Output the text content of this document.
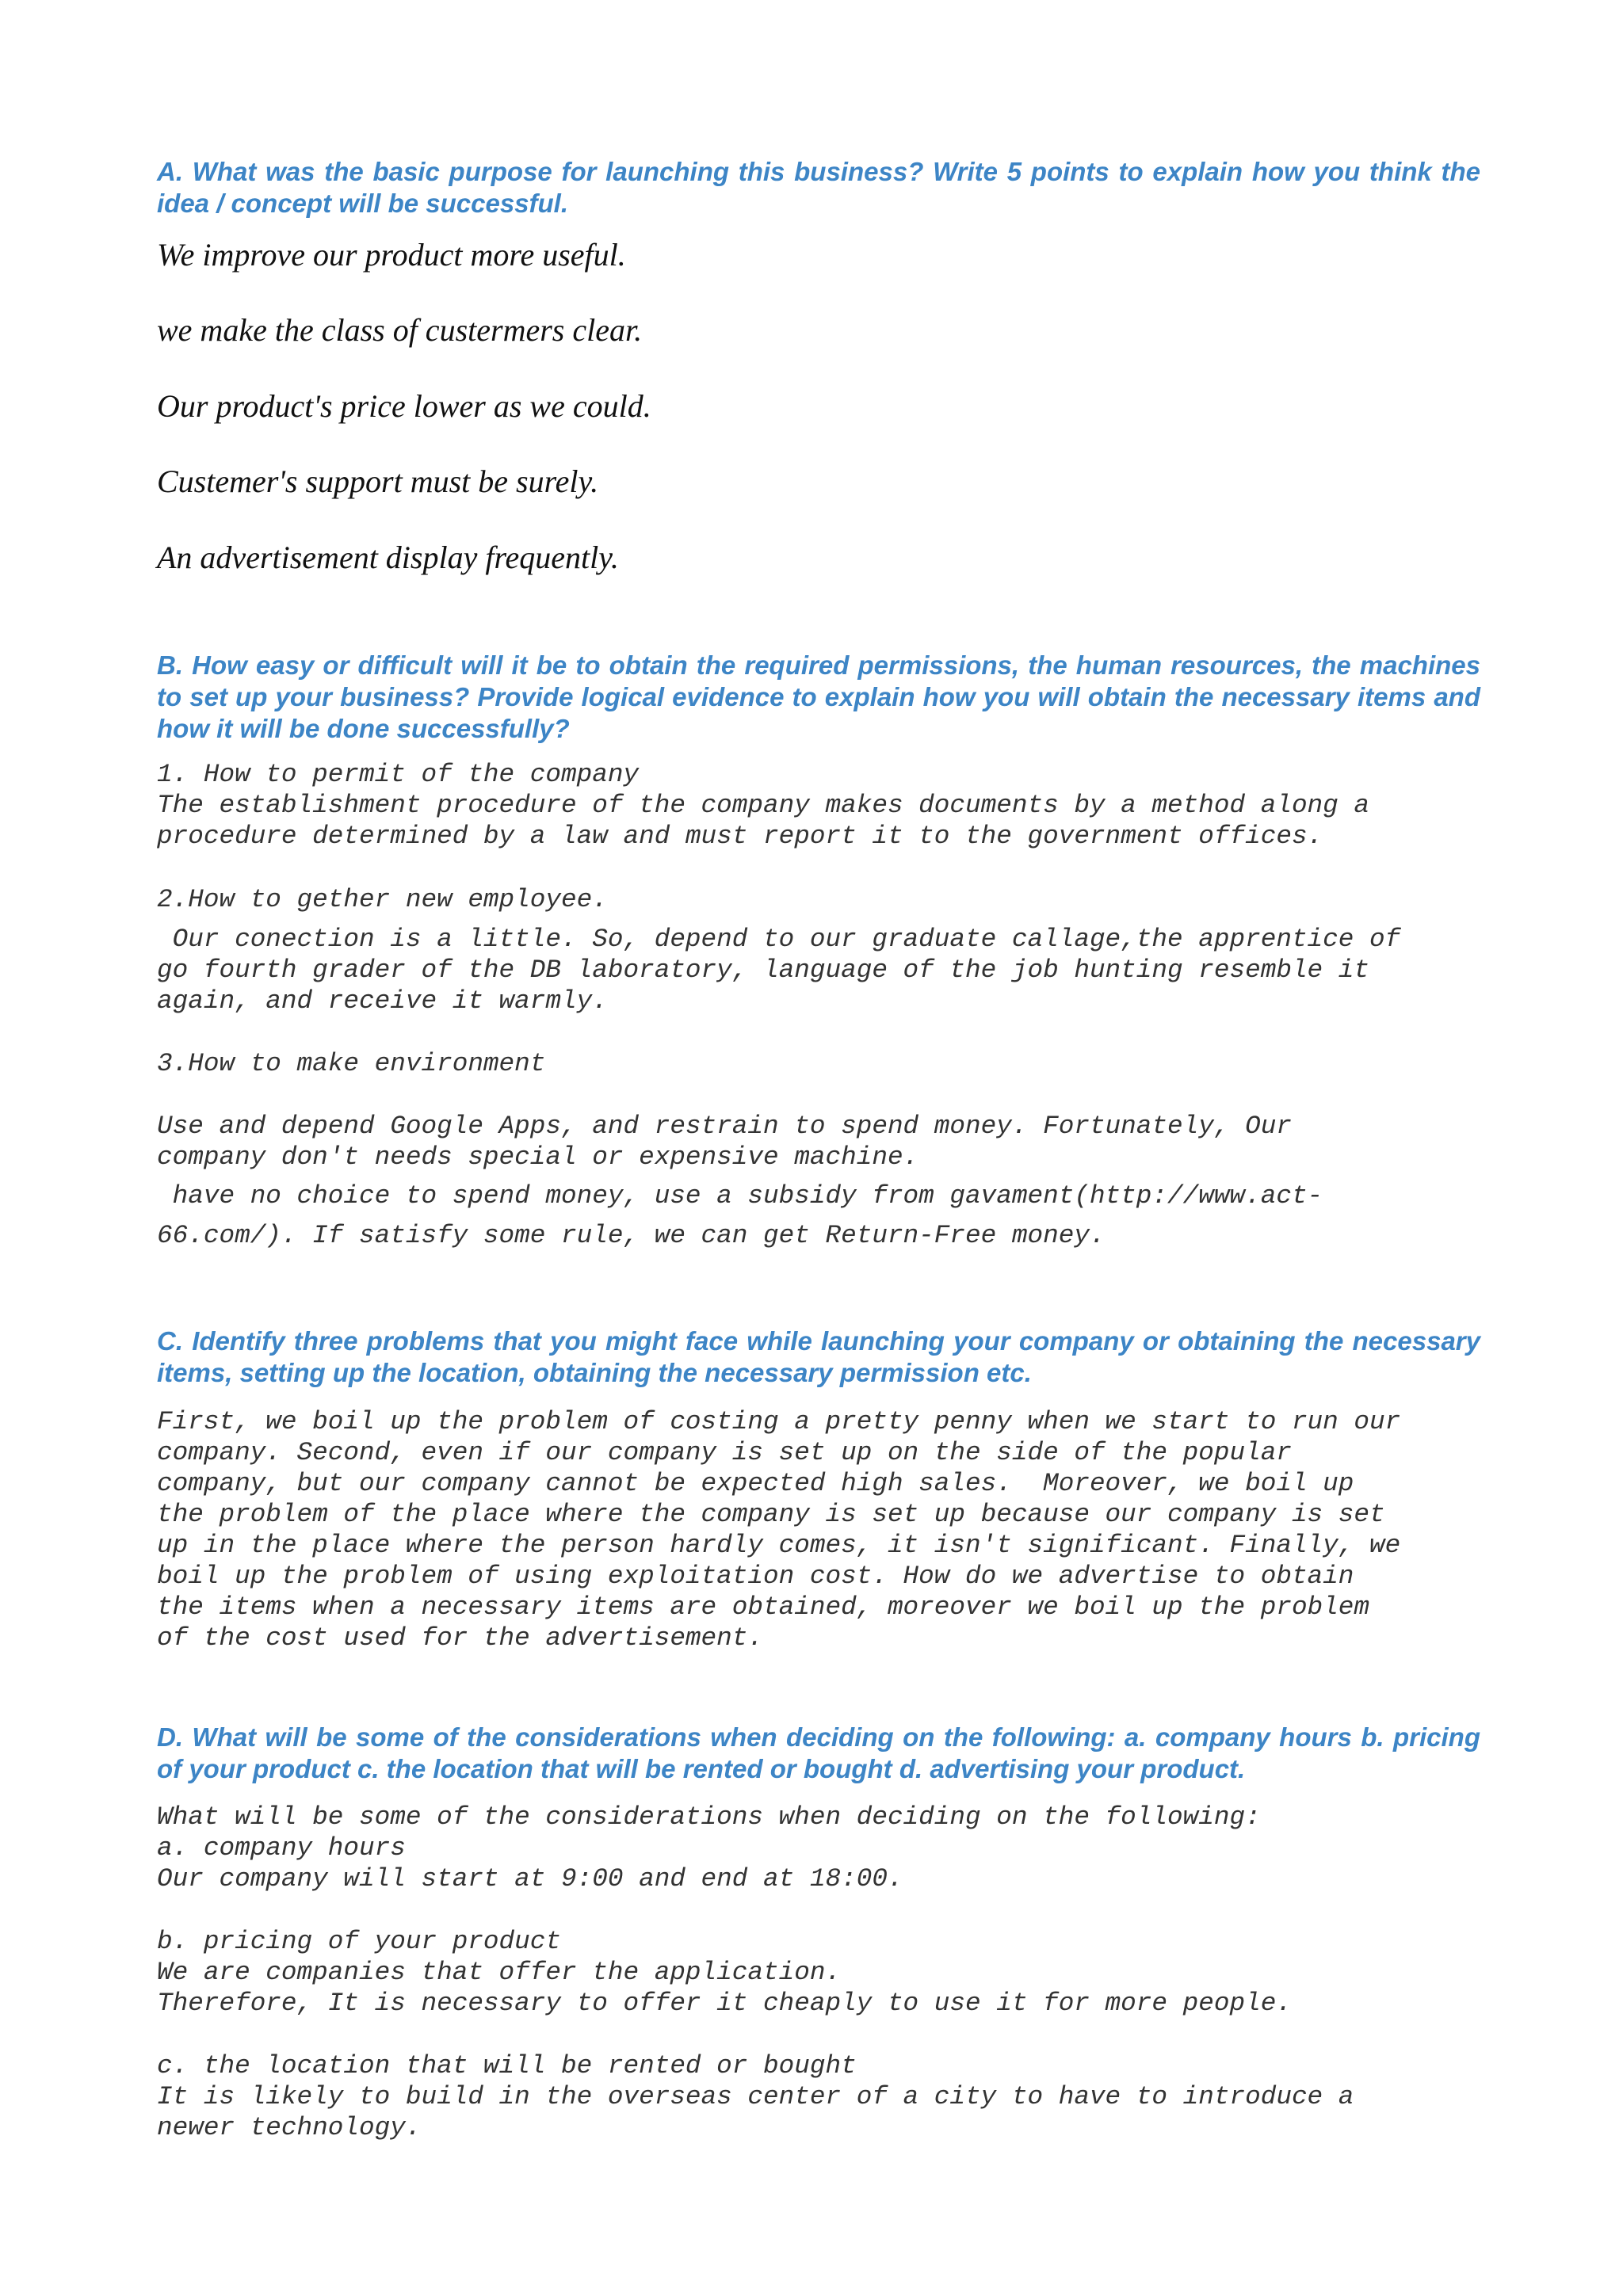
A. What was the basic purpose for launching this business? Write 5 points to explain how you think the idea / concept will be successful.
We improve our product more useful.
we make the class of custermers clear.
Our product's price lower as we could.
Custemer's support must be surely.
An advertisement display frequently.
B. How easy or difficult will it be to obtain the required permissions, the human resources, the machines to set up your business? Provide logical evidence to explain how you will obtain the necessary items and how it will be done successfully?
1. How to permit of the company
The establishment procedure of the company makes documents by a method along a
procedure determined by a law and must report it to the government offices.
2.How to gether new employee.
Our conection is a little. So, depend to our graduate callage,the apprentice of
go fourth grader of the DB laboratory, language of the job hunting resemble it
again, and receive it warmly.
3.How to make environment
Use and depend Google Apps, and restrain to spend money. Fortunately, Our
company don't needs special or expensive machine.
have no choice to spend money, use a subsidy from gavament(http://www.act-
66.com/). If satisfy some rule, we can get Return-Free money.
C. Identify three problems that you might face while launching your company or obtaining the necessary items, setting up the location, obtaining the necessary permission etc.
First, we boil up the problem of costing a pretty penny when we start to run our
company. Second, even if our company is set up on the side of the popular
company, but our company cannot be expected high sales.  Moreover, we boil up
the problem of the place where the company is set up because our company is set
up in the place where the person hardly comes, it isn't significant. Finally, we
boil up the problem of using exploitation cost. How do we advertise to obtain
the items when a necessary items are obtained, moreover we boil up the problem
of the cost used for the advertisement.
D. What will be some of the considerations when deciding on the following: a. company hours b. pricing of your product c. the location that will be rented or bought d. advertising your product.
What will be some of the considerations when deciding on the following:
a. company hours
Our company will start at 9:00 and end at 18:00.
b. pricing of your product
We are companies that offer the application.
Therefore, It is necessary to offer it cheaply to use it for more people.
c. the location that will be rented or bought
It is likely to build in the overseas center of a city to have to introduce a
newer technology.
